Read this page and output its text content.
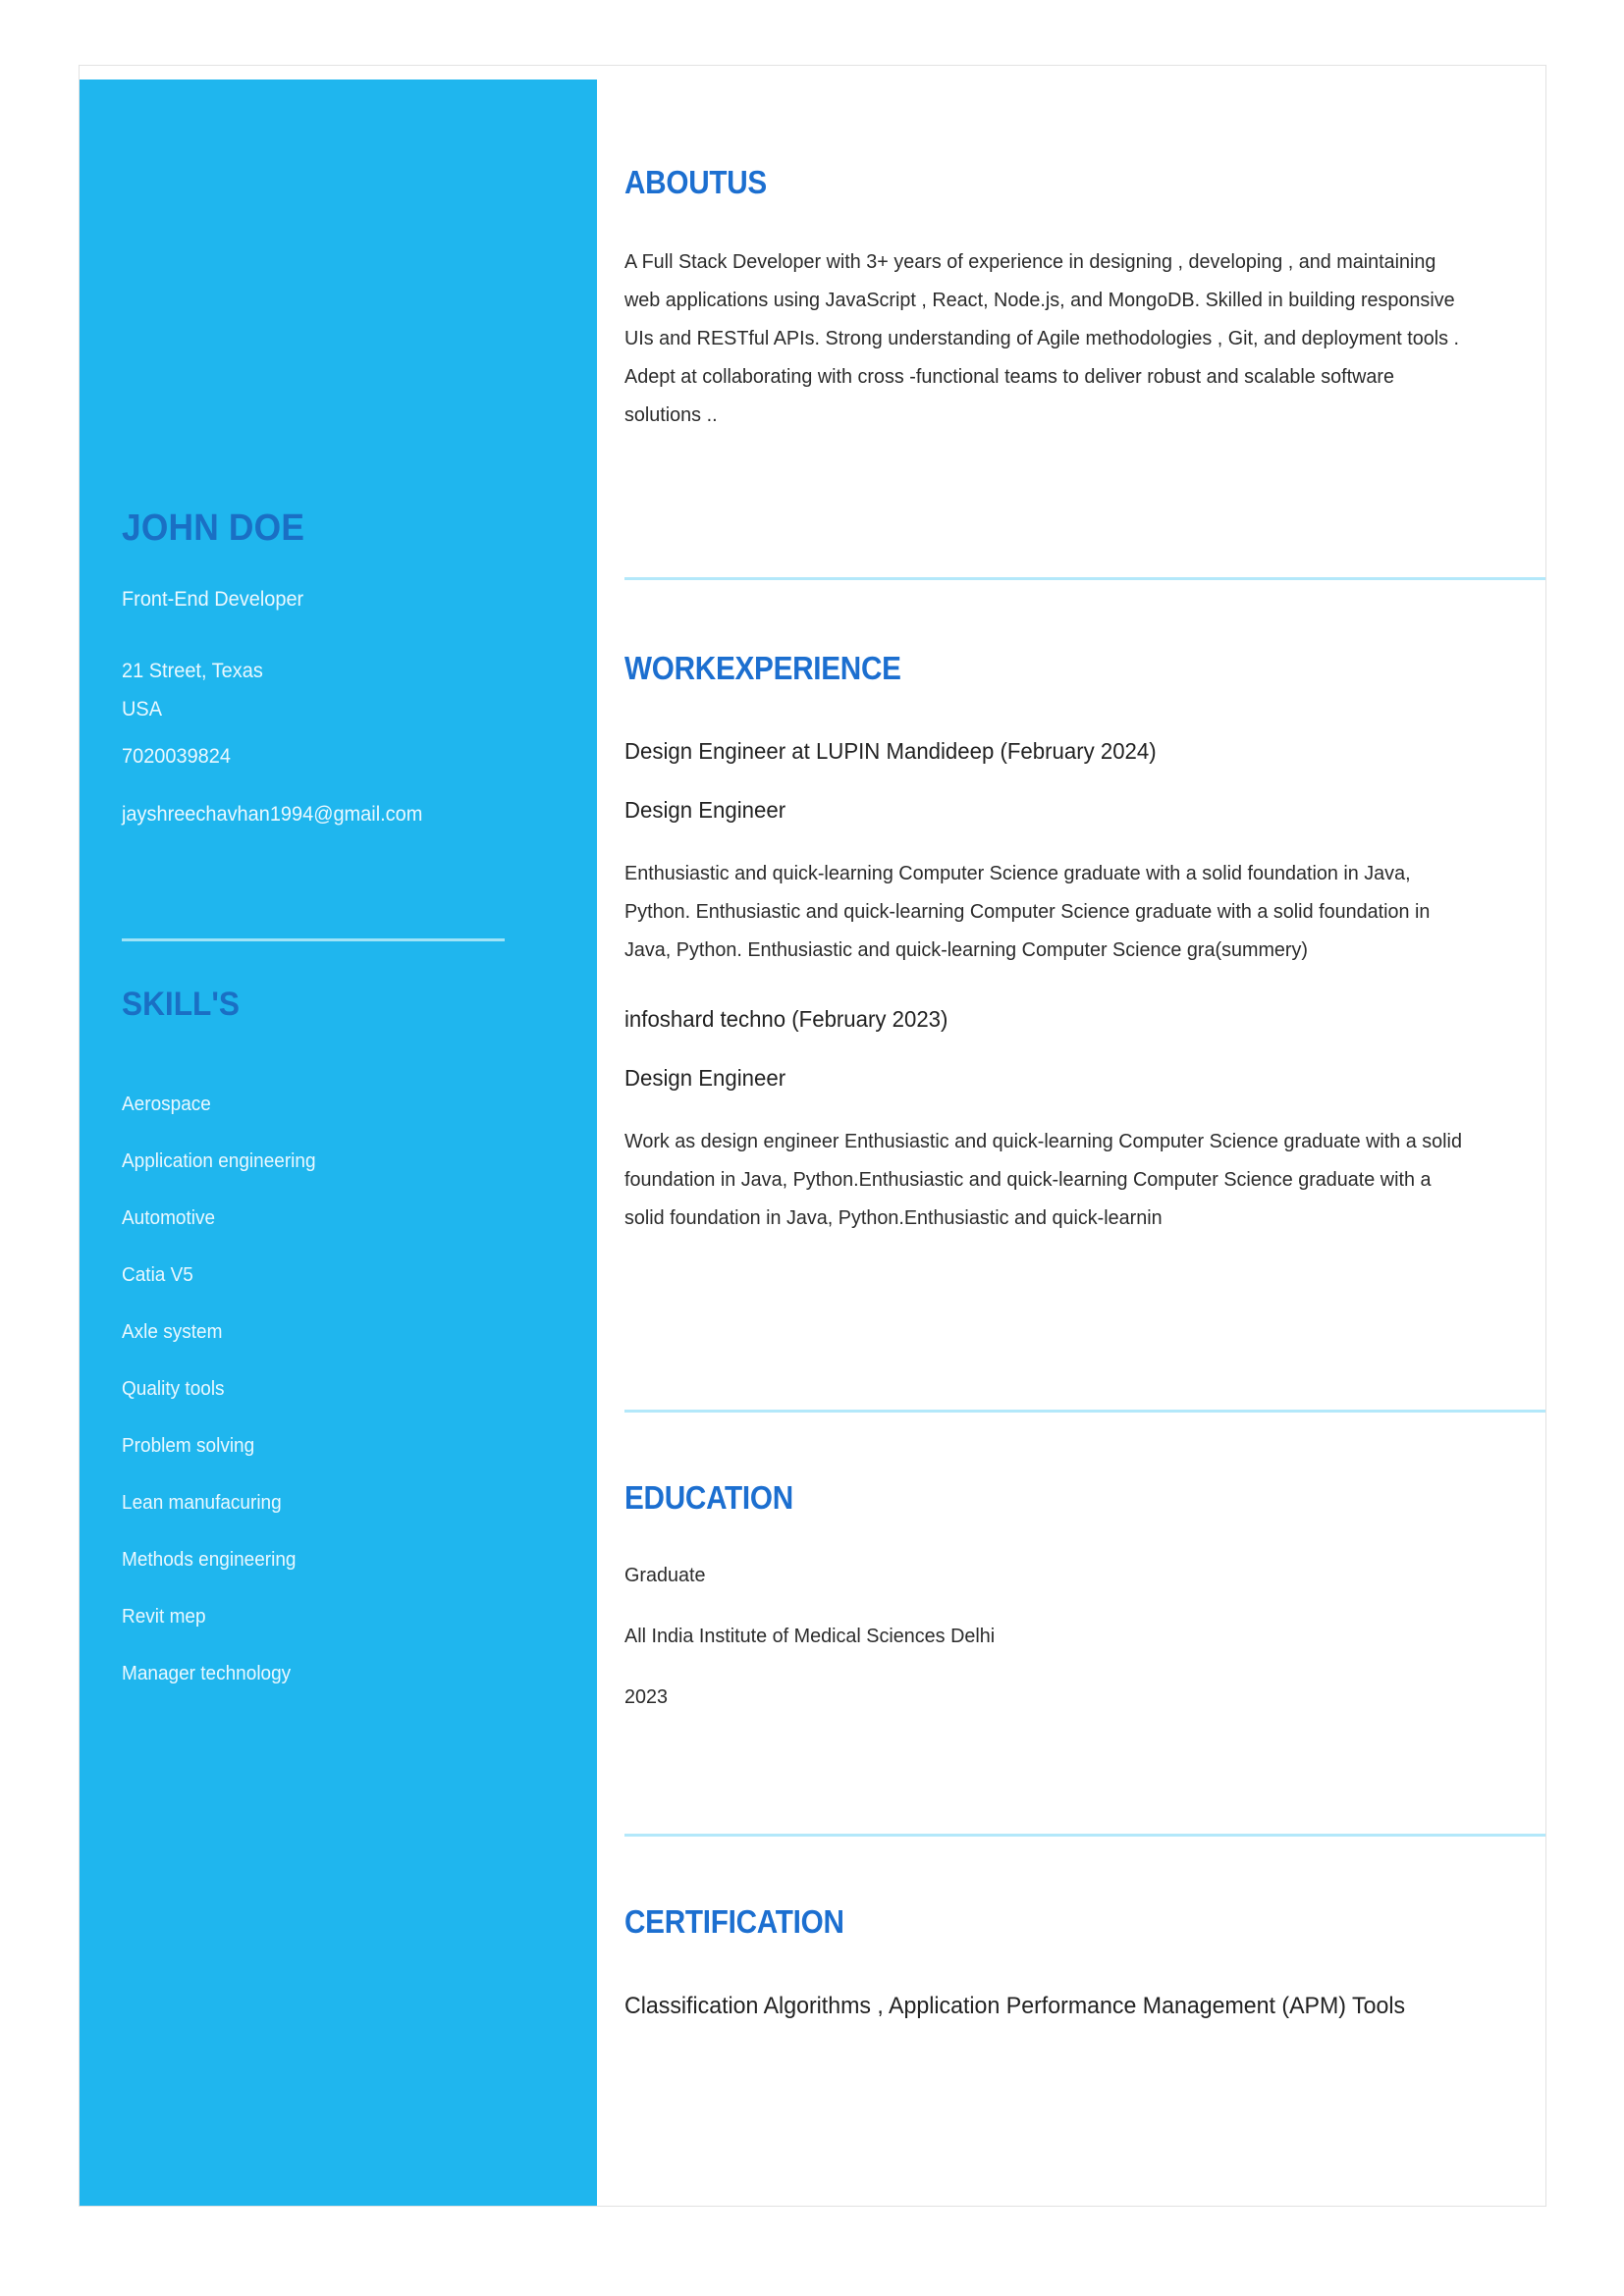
JOHN DOE
Front-End Developer
21 Street, Texas
USA
7020039824
jayshreechavhan1994@gmail.com
SKILL'S
Aerospace
Application engineering
Automotive
Catia V5
Axle system
Quality tools
Problem solving
Lean manufacuring
Methods engineering
Revit mep
Manager technology
ABOUTUS

A Full Stack Developer with 3+ years of experience in designing , developing , and maintaining web applications using JavaScript , React, Node.js, and MongoDB. Skilled in building responsive UIs and RESTful APIs. Strong understanding of Agile methodologies , Git, and deployment tools . Adept at collaborating with cross -functional teams to deliver robust and scalable software solutions ..

WORKEXPERIENCE

Design Engineer at LUPIN Mandideep (February 2024)

Design Engineer

Enthusiastic and quick-learning Computer Science graduate with a solid foundation in Java, Python. Enthusiastic and quick-learning Computer Science graduate with a solid foundation in Java, Python. Enthusiastic and quick-learning Computer Science gra(summery)

infoshard techno (February 2023)

Design Engineer

Work as design engineer Enthusiastic and quick-learning Computer Science graduate with a solid foundation in Java, Python.Enthusiastic and quick-learning Computer Science graduate with a solid foundation in Java, Python.Enthusiastic and quick-learnin

EDUCATION

Graduate

All India Institute of Medical Sciences Delhi

2023

CERTIFICATION

Classification Algorithms , Application Performance Management (APM) Tools
